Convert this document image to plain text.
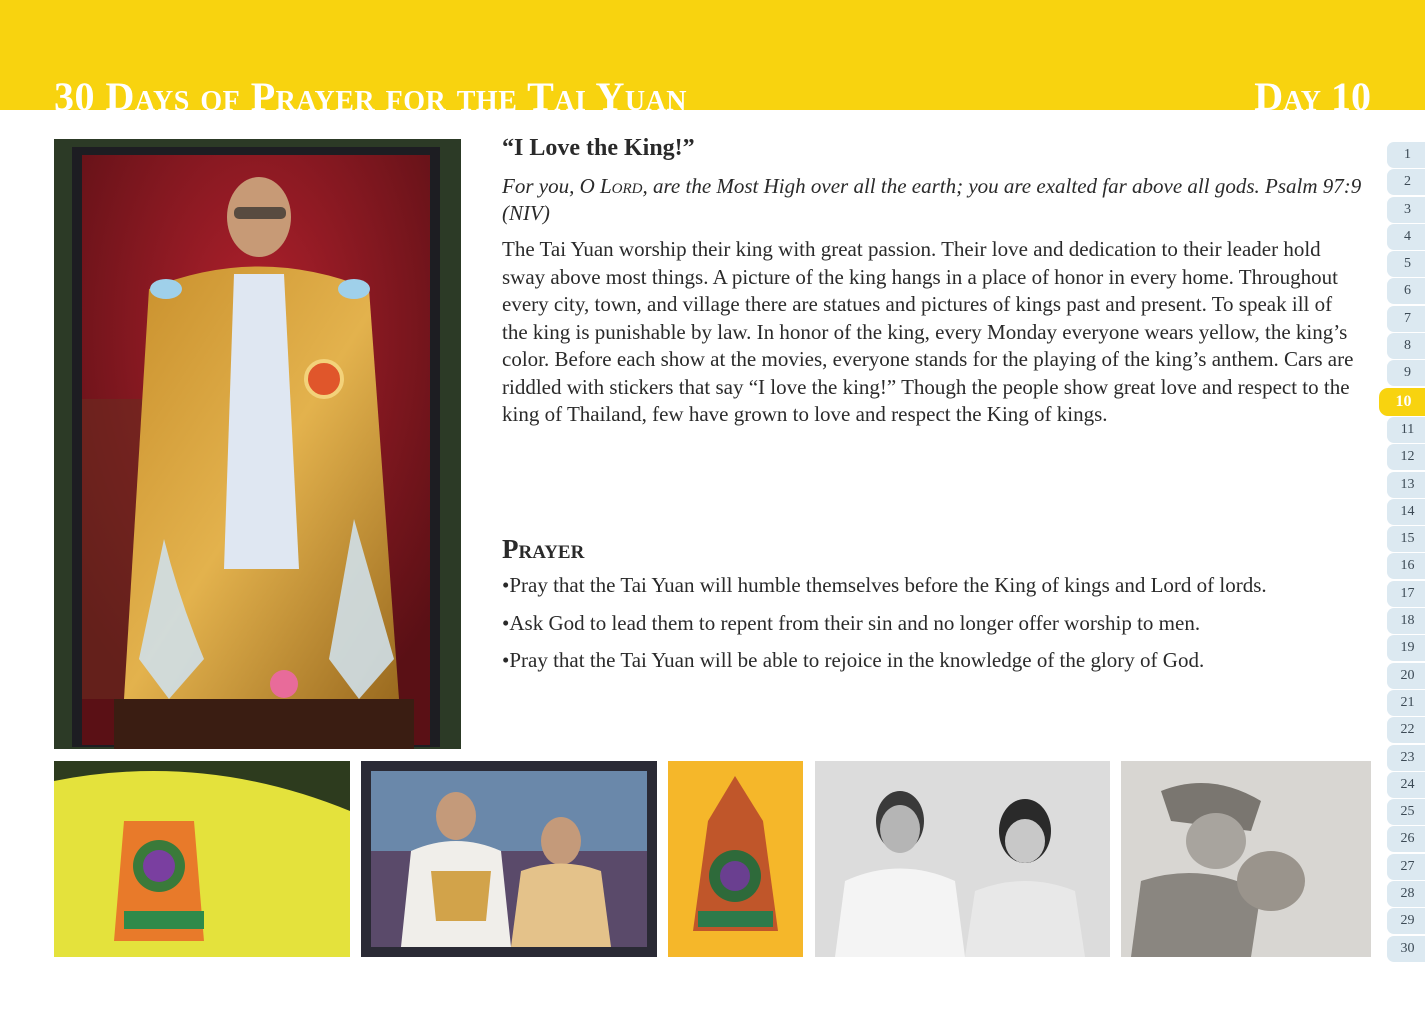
30 Days of Prayer for the Tai Yuan	Day 10
“I Love the King!”

For you, O Lord, are the Most High over all the earth; you are exalted far above all gods. Psalm 97:9 (NIV)

The Tai Yuan worship their king with great passion. Their love and dedication to their leader hold sway above most things. A picture of the king hangs in a place of honor in every home. Throughout every city, town, and village there are statues and pictures of kings past and present. To speak ill of the king is punishable by law. In honor of the king, every Monday everyone wears yellow, the king’s color. Before each show at the movies, everyone stands for the playing of the king’s anthem. Cars are riddled with stickers that say “I love the king!” Though the people show great love and respect to the king of Thailand, few have grown to love and respect the King of kings.

Prayer
•Pray that the Tai Yuan will humble themselves before the King of kings and Lord of lords.
•Ask God to lead them to repent from their sin and no longer offer worship to men.
•Pray that the Tai Yuan will be able to rejoice in the knowledge of the glory of God.
1
2
3
4
5
6
7
8
9
10
11
12
13
14
15
16
17
18
19
20
21
22
23
24
25
26
27
28
29
30
